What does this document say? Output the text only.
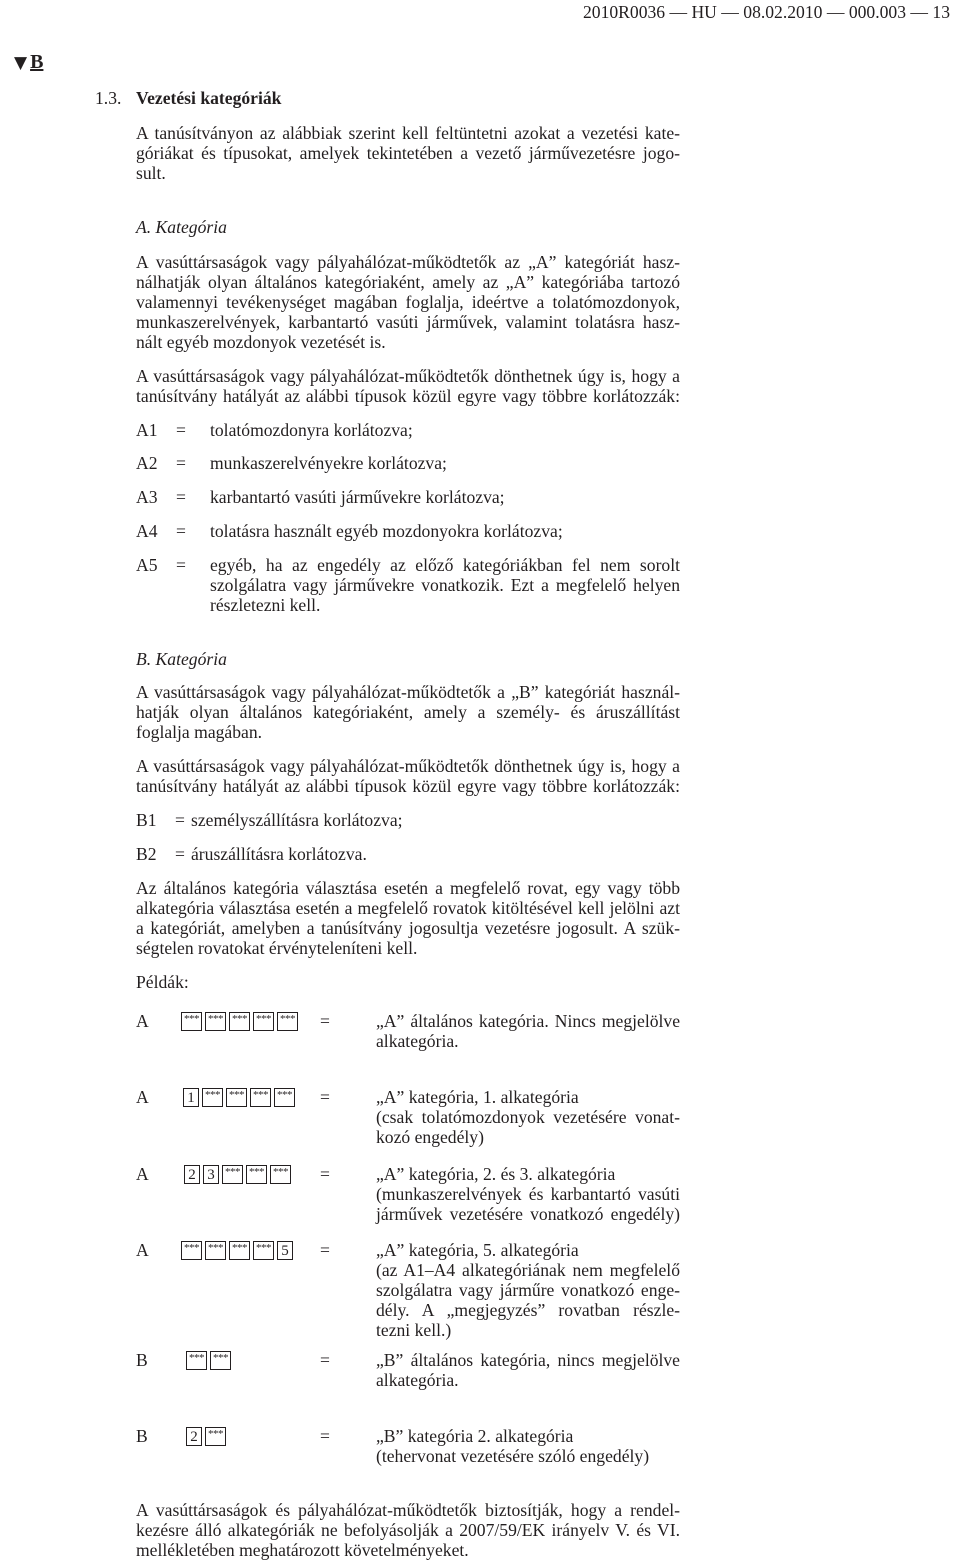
2010R0036 — HU — 08.02.2010 — 000.003 — 13
▼ B
1.3. Vezetési kategóriák
A tanúsítványon az alábbiak szerint kell feltüntetni azokat a vezetési kate-
góriákat és típusokat, amelyek tekintetében a vezető járművezetésre jogo-
sult.
A. Kategória
A vasúttársaságok vagy pályahálózat-működtetők az „A” kategóriát hasz-
nálhatják olyan általános kategóriaként, amely az „A” kategóriába tartozó
valamennyi tevékenységet magában foglalja, ideértve a tolatómozdonyok,
munkaszerelvények, karbantartó vasúti járművek, valamint tolatásra hasz-
nált egyéb mozdonyok vezetését is.
A vasúttársaságok vagy pályahálózat-működtetők dönthetnek úgy is, hogy a
tanúsítvány hatályát az alábbi típusok közül egyre vagy többre korlátozzák:
A1 = tolatómozdonyra korlátozva;
A2 = munkaszerelvényekre korlátozva;
A3 = karbantartó vasúti járművekre korlátozva;
A4 = tolatásra használt egyéb mozdonyokra korlátozva;
A5 = egyéb, ha az engedély az előző kategóriákban fel nem sorolt
szolgálatra vagy járművekre vonatkozik. Ezt a megfelelő helyen
részletezni kell.
B. Kategória
A vasúttársaságok vagy pályahálózat-működtetők a „B” kategóriát használ-
hatják olyan általános kategóriaként, amely a személy- és áruszállítást
foglalja magában.
A vasúttársaságok vagy pályahálózat-működtetők dönthetnek úgy is, hogy a
tanúsítvány hatályát az alábbi típusok közül egyre vagy többre korlátozzák:
B1 = személyszállításra korlátozva;
B2 = áruszállításra korlátozva.
Az általános kategória választása esetén a megfelelő rovat, egy vagy több
alkategória választása esetén a megfelelő rovatok kitöltésével kell jelölni azt
a kategóriát, amelyben a tanúsítvány jogosultja vezetésre jogosult. A szük-
ségtelen rovatokat érvényteleníteni kell.
Példák:
A	*** *** *** *** *** =	„A” általános kategória. Nincs megjelölve
alkategória.
A	1 *** *** *** *** =	„A” kategória, 1. alkategória
(csak tolatómozdonyok vezetésére vonat-
kozó engedély)
A	2 3 *** *** *** =	„A” kategória, 2. és 3. alkategória
(munkaszerelvények és karbantartó vasúti
járművek vezetésére vonatkozó engedély)
A	*** *** *** *** 5 =	„A” kategória, 5. alkategória
(az A1–A4 alkategóriának nem megfelelő
szolgálatra vagy járműre vonatkozó enge-
dély. A „megjegyzés” rovatban részle-
tezni kell.)
B	*** ***	=	„B” általános kategória, nincs megjelölve
alkategória.
B	2 ***	=	„B” kategória 2. alkategória
(tehervonat vezetésére szóló engedély)
A vasúttársaságok és pályahálózat-működtetők biztosítják, hogy a rendel-
kezésre álló alkategóriák ne befolyásolják a 2007/59/EK irányelv V. és VI.
mellékletében meghatározott követelményeket.
